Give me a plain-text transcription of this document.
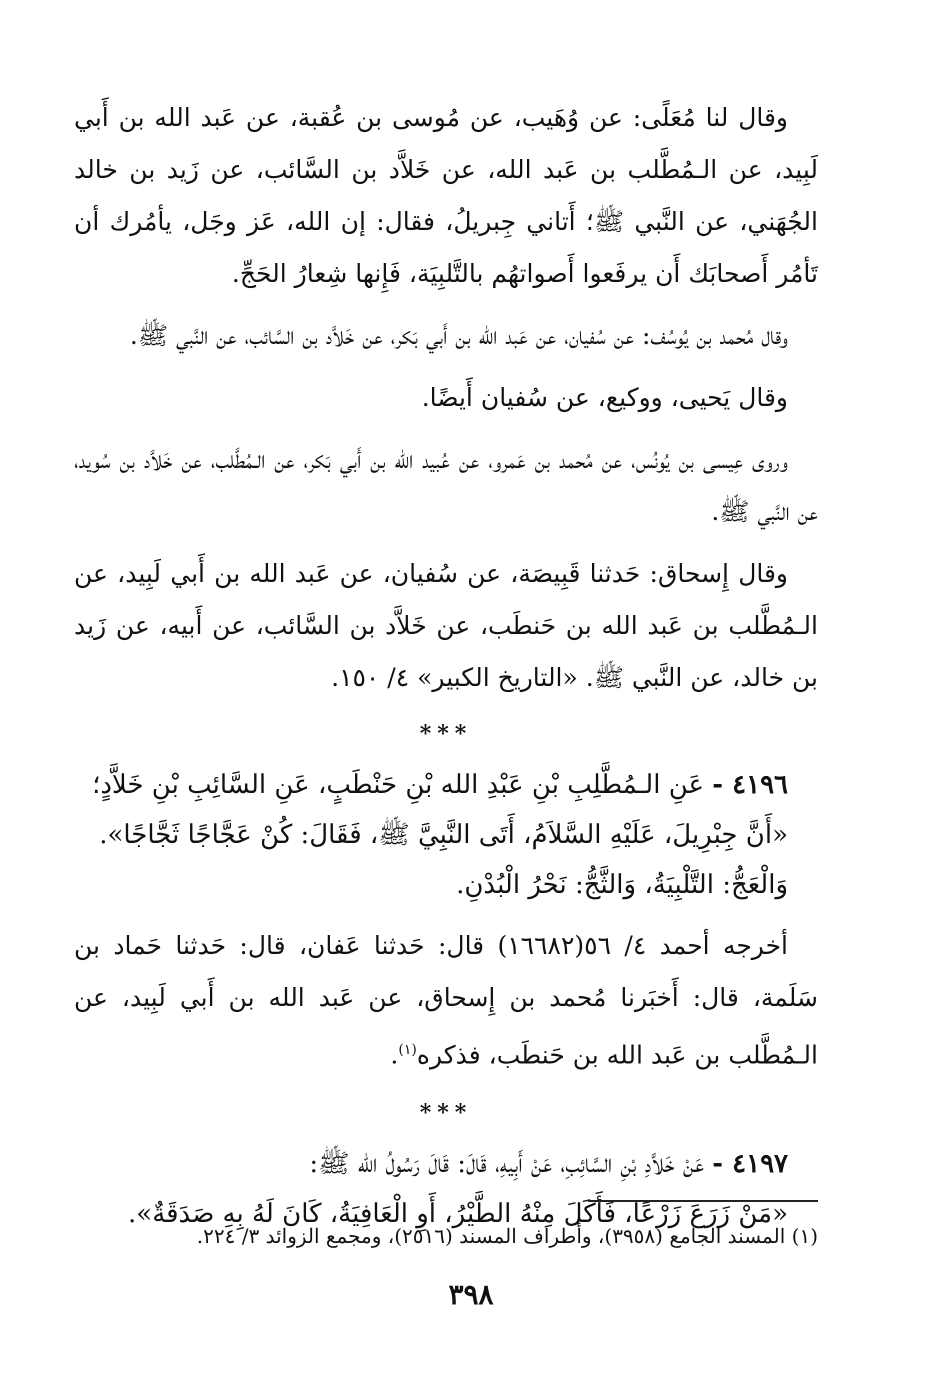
وقال لنا مُعَلًى: عن وُهَيب، عن مُوسى بن عُقبة، عن عَبد الله بن أَبي لَبِيد، عن الـمُطَّلب بن عَبد الله، عن خَلاَّد بن السَّائب، عن زَيد بن خالد الجُهَني، عن النَّبي ﷺ؛ أَتاني جِبريلُ، فقال: إن الله، عَز وجَل، يأمُرك أن تَأمُر أَصحابَك أَن يرفَعوا أَصواتهُم بالتَّلبِيَة، فَإِنها شِعارُ الحَجِّ.

وقال مُحمد بن يُوسُف: عن سُفيان، عن عَبد الله بن أَبي بَكر، عن خَلاَّد بن السَّائب، عن النَّبي ﷺ.

وقال يَحيى، ووكيع، عن سُفيان أَيضًا.

وروى عِيسى بن يُونُس، عن مُحمد بن عَمرو، عن عُبيد الله بن أَبي بَكر، عن الـمُطَّلب، عن خَلاَّد بن سُويد، عن النَّبي ﷺ.

وقال إِسحاق: حَدثنا قَبِيصَة، عن سُفيان، عن عَبد الله بن أَبي لَبِيد، عن الـمُطَّلب بن عَبد الله بن حَنطَب، عن خَلاَّد بن السَّائب، عن أَبيه، عن زَيد بن خالد، عن النَّبي ﷺ. «التاريخ الكبير» ٤/ ١٥٠.

***
٤١٩٦ - عَنِ الـمُطَّلِبِ بْنِ عَبْدِ الله بْنِ حَنْطَبٍ، عَنِ السَّائِبِ بْنِ خَلاَّدٍ؛
«أَنَّ جِبْرِيلَ، عَلَيْهِ السَّلاَمُ، أَتَى النَّبِيَّ ﷺ، فَقَالَ: كُنْ عَجَّاجًا ثَجَّاجًا».
وَالْعَجُّ: التَّلْبِيَةُ، وَالثَّجُّ: نَحْرُ الْبُدْنِ.

أخرجه أحمد ٤/ ٥٦(١٦٦٨٢) قال: حَدثنا عَفان، قال: حَدثنا حَماد بن سَلَمة، قال: أَخبَرنا مُحمد بن إِسحاق، عن عَبد الله بن أَبي لَبِيد، عن الـمُطَّلب بن عَبد الله بن حَنطَب، فذكره$^{(١)}$.

***
٤١٩٧ - عَنْ خَلاَّدِ بْنِ السَّائِبِ، عَنْ أَبِيهِ، قَالَ: قَالَ رَسُولُ الله ﷺ:
«مَنْ زَرَعَ زَرْعًا، فَأَكَلَ مِنْهُ الطَّيْرُ، أَوِ الْعَافِيَةُ، كَانَ لَهُ بِهِ صَدَقَةٌ».
(١) المسند الجامع (٣٩٥٨)، وأطراف المسند (٢٥١٦)، ومجمع الزوائد ٣/ ٢٢٤.
٣٩٨
